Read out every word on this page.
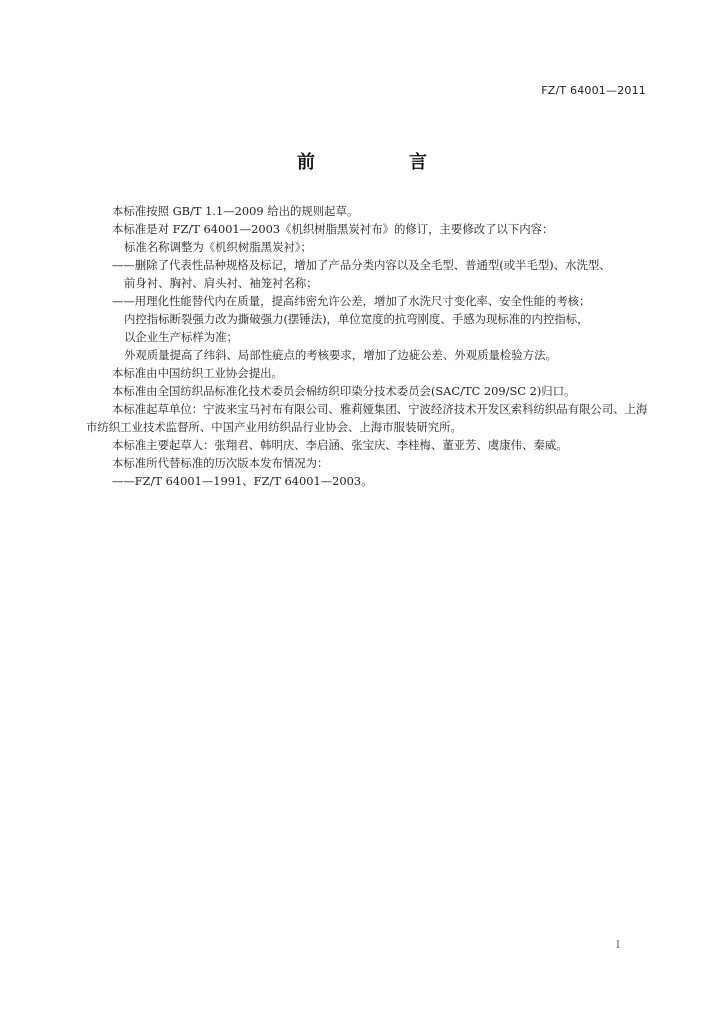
FZ/T 64001—2011
前　言

本标准按照 GB/T 1.1—2009 给出的规则起草。

本标准是对 FZ/T 64001—2003《机织树脂黑炭衬布》的修订，主要修改了以下内容：

标准名称调整为《机织树脂黑炭衬》；

——删除了代表性品种规格及标记，增加了产品分类内容以及全毛型、普通型(或半毛型)、水洗型、

前身衬、胸衬、肩头衬、袖笼衬名称；

——用理化性能替代内在质量，提高纬密允许公差，增加了水洗尺寸变化率、安全性能的考核；

内控指标断裂强力改为撕破强力(摆锤法)，单位宽度的抗弯刚度、手感为现标准的内控指标，

以企业生产标样为准；

外观质量提高了纬斜、局部性疵点的考核要求，增加了边疵公差、外观质量检验方法。

本标准由中国纺织工业协会提出。

本标准由全国纺织品标准化技术委员会棉纺织印染分技术委员会(SAC/TC 209/SC 2)归口。

本标准起草单位：宁波来宝马衬布有限公司、雅莉娅集团、宁波经济技术开发区索科纺织品有限公司、上海市纺织工业技术监督所、中国产业用纺织品行业协会、上海市服装研究所。

本标准主要起草人：张翔君、韩明庆、李启涵、张宝庆、李桂梅、董亚芳、虞康伟、秦威。

本标准所代替标准的历次版本发布情况为：

——FZ/T 64001—1991、FZ/T 64001—2003。

I
